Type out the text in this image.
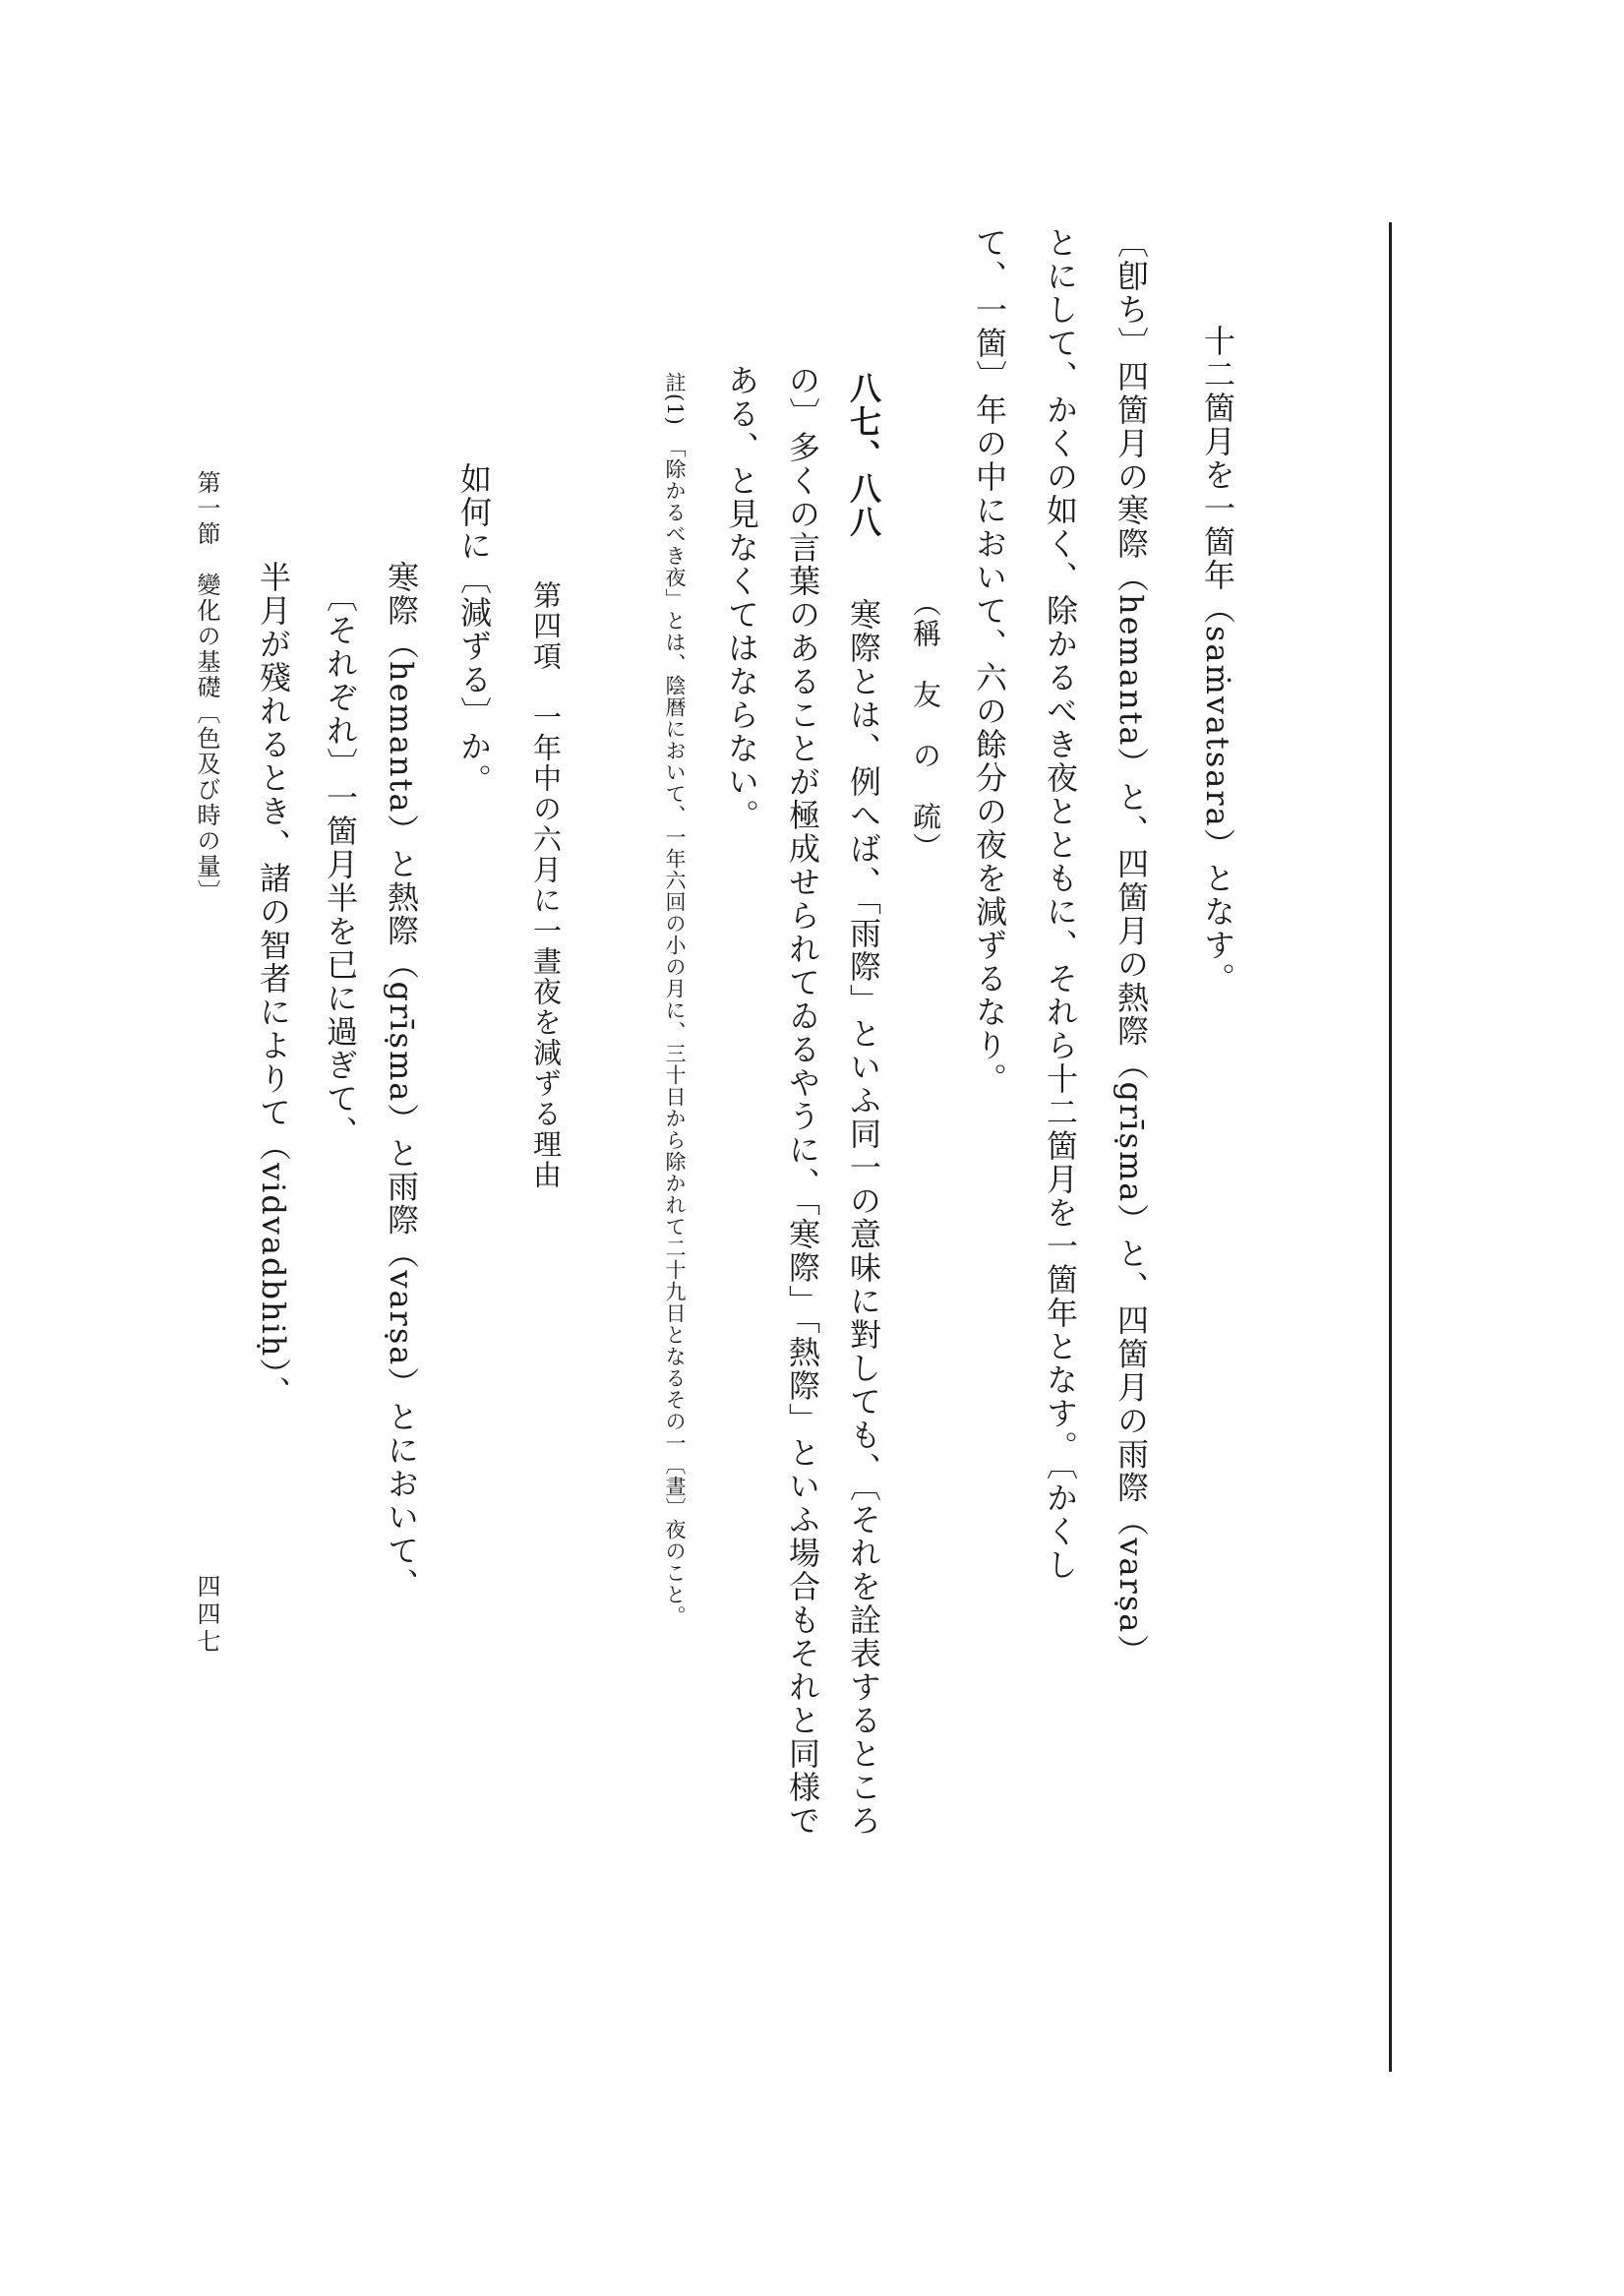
十二箇月を一箇年（saṁvatsara）となす。
〔卽ち〕四箇月の寒際（hemanta）と、四箇月の熱際（grīṣma）と、四箇月の雨際（varṣa）
とにして、かくの如く、除かるべき夜とともに、それら十二箇月を一箇年となす。〔かくし
て、一箇〕年の中において、六の餘分の夜を減ずるなり。
（稱　友　の　疏）
八七、八八
寒際とは、例へば、「雨際」といふ同一の意味に對しても、〔それを詮表するところ
の〕多くの言葉のあることが極成せられてゐるやうに、「寒際」「熱際」といふ場合もそれと同様で
ある、と見なくてはならない。
註(1)　「除かるべき夜」とは、陰暦において、一年六回の小の月に、三十日から除かれて二十九日となるその一〔晝〕夜のこと。
第四項　一年中の六月に一晝夜を減ずる理由
如何に〔減ずる〕か。
寒際（hemanta）と熱際（grīṣma）と雨際（varṣa）とにおいて、
〔それぞれ〕一箇月半を已に過ぎて、
半月が殘れるとき、諸の智者によりて（vidvadbhiḥ）、
第一節　變化の基礎〔色及び時の量〕
四四七
